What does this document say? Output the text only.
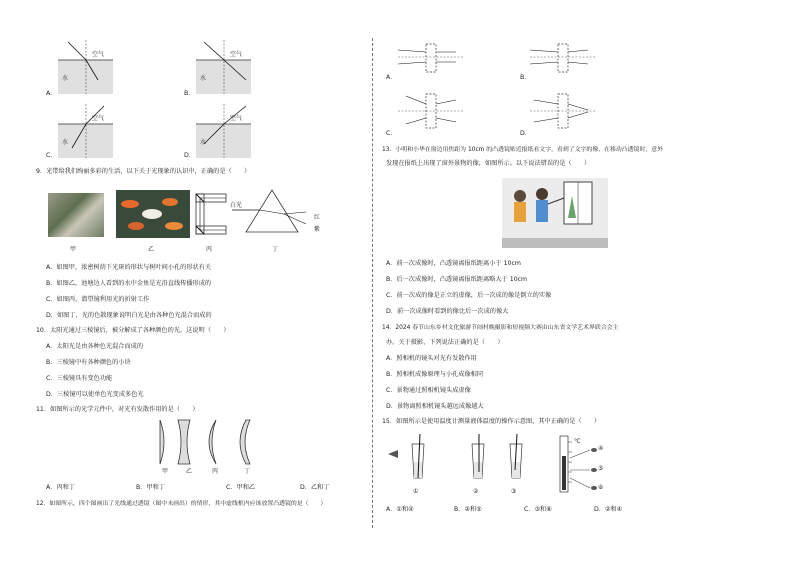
空气
水
A．
空气
水
B．
空气
水
C．
空气
水
D．
9．光带给我们绚丽多彩的生活，以下关于光现象的认识中，正确的是（　　）
白光
红
紫
甲	乙	丙	丁
A．如图甲，浓密树荫下光斑的形状与树叶间小孔的形状有关
B．如图乙，池塘边人看到的水中金鱼是光沿直线传播形成的
C．如图丙，潜望镜利用光的折射工作
D．如图丁，光的色散现象说明白光是由各种色光混合而成的
10．太阳光通过三棱镜后，被分解成了各种颜色的光，这说明（　　）
A．太阳光是由各种色光混合而成的
B．三棱镜中有各种颜色的小块
C．三棱镜具有变色功能
D．三棱镜可以使单色光变成多色光
11．如图所示的光学元件中，对光有发散作用的是（　　）
甲	乙	丙	丁
A．丙和丁	B．甲和丁	C．甲和乙	D．乙和丁
12．如图所示，四个图画出了光线通过透镜（图中未画出）的情形，其中虚线框内应该放置凸透镜的是（　　）
A．	B．
C．	D．
13．小明和小华在窗边用焦距为 10cm 的凸透镜贴近报纸看文字，看到了文字的像，在移动凸透镜时，意外
发现在报纸上出现了窗外景物的像，如图所示。以下说法错误的是（　　）
A．前一次成像时，凸透镜离报纸距离小于 10cm
B．后一次成像时，凸透镜离报纸距离略大于 10cm
C．前一次成的像是正立的虚像，后一次成的像是倒立的实像
D．前一次成像时看到的像比后一次成的像大
14．2024 春节山东乡村文化旅游节闹村晚摄影和短视频大赛由山东省文学艺术界联合会主
办。关于摄影，下列说法正确的是（　　）
A．照相机的镜头对光有发散作用
B．照相机成像原理与小孔成像相同
C．景物通过照相机镜头成虚像
D．景物离照相机镜头越远成像越大
15．如图所示是使用温度计测量液体温度的操作示意图，其中正确的是（　　）
①	②	③
④
⑤
⑥
℃
A．①和④	B．②和⑤	C．③和⑥	D．②和④
